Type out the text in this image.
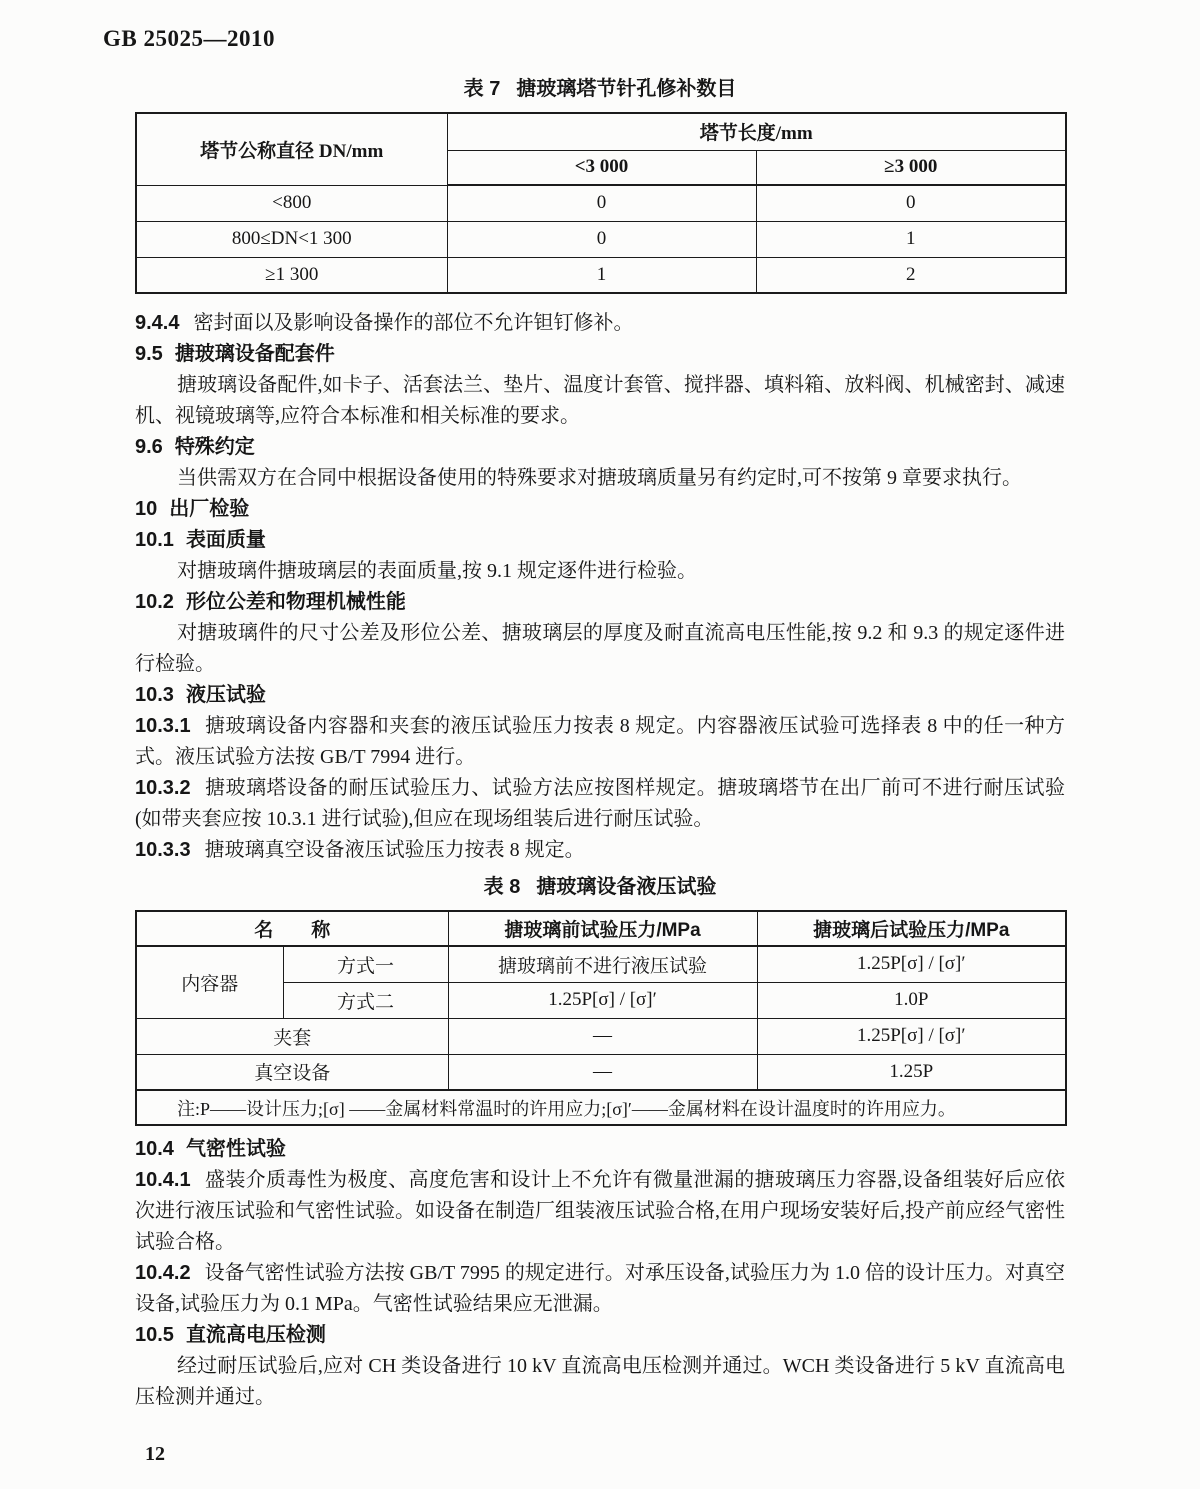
GB 25025—2010
表 7 搪玻璃塔节针孔修补数目
塔节公称直径 DN/mm	塔节长度/mm	
	<3 000	≥3 000
<800	0	0
800≤DN<1 300	0	1
≥1 300	1	2

9.4.4 密封面以及影响设备操作的部位不允许钽钉修补。

9.5 搪玻璃设备配套件

搪玻璃设备配件,如卡子、活套法兰、垫片、温度计套管、搅拌器、填料箱、放料阀、机械密封、减速机、视镜玻璃等,应符合本标准和相关标准的要求。

9.6 特殊约定

当供需双方在合同中根据设备使用的特殊要求对搪玻璃质量另有约定时,可不按第 9 章要求执行。

10 出厂检验

10.1 表面质量

对搪玻璃件搪玻璃层的表面质量,按 9.1 规定逐件进行检验。

10.2 形位公差和物理机械性能

对搪玻璃件的尺寸公差及形位公差、搪玻璃层的厚度及耐直流高电压性能,按 9.2 和 9.3 的规定逐件进行检验。

10.3 液压试验

10.3.1 搪玻璃设备内容器和夹套的液压试验压力按表 8 规定。内容器液压试验可选择表 8 中的任一种方式。液压试验方法按 GB/T 7994 进行。

10.3.2 搪玻璃塔设备的耐压试验压力、试验方法应按图样规定。搪玻璃塔节在出厂前可不进行耐压试验(如带夹套应按 10.3.1 进行试验),但应在现场组装后进行耐压试验。

10.3.3 搪玻璃真空设备液压试验压力按表 8 规定。

表 8 搪玻璃设备液压试验
名　　称		搪玻璃前试验压力/MPa	搪玻璃后试验压力/MPa
内容器	方式一	搪玻璃前不进行液压试验	1.25P[σ] / [σ]′
	方式二	1.25P[σ] / [σ]′	1.0P
夹套		—	1.25P[σ] / [σ]′
真空设备		—	1.25P
注:P——设计压力;[σ] ——金属材料常温时的许用应力;[σ]′——金属材料在设计温度时的许用应力。			

10.4 气密性试验

10.4.1 盛装介质毒性为极度、高度危害和设计上不允许有微量泄漏的搪玻璃压力容器,设备组装好后应依次进行液压试验和气密性试验。如设备在制造厂组装液压试验合格,在用户现场安装好后,投产前应经气密性试验合格。

10.4.2 设备气密性试验方法按 GB/T 7995 的规定进行。对承压设备,试验压力为 1.0 倍的设计压力。对真空设备,试验压力为 0.1 MPa。气密性试验结果应无泄漏。

10.5 直流高电压检测

经过耐压试验后,应对 CH 类设备进行 10 kV 直流高电压检测并通过。WCH 类设备进行 5 kV 直流高电压检测并通过。

12
